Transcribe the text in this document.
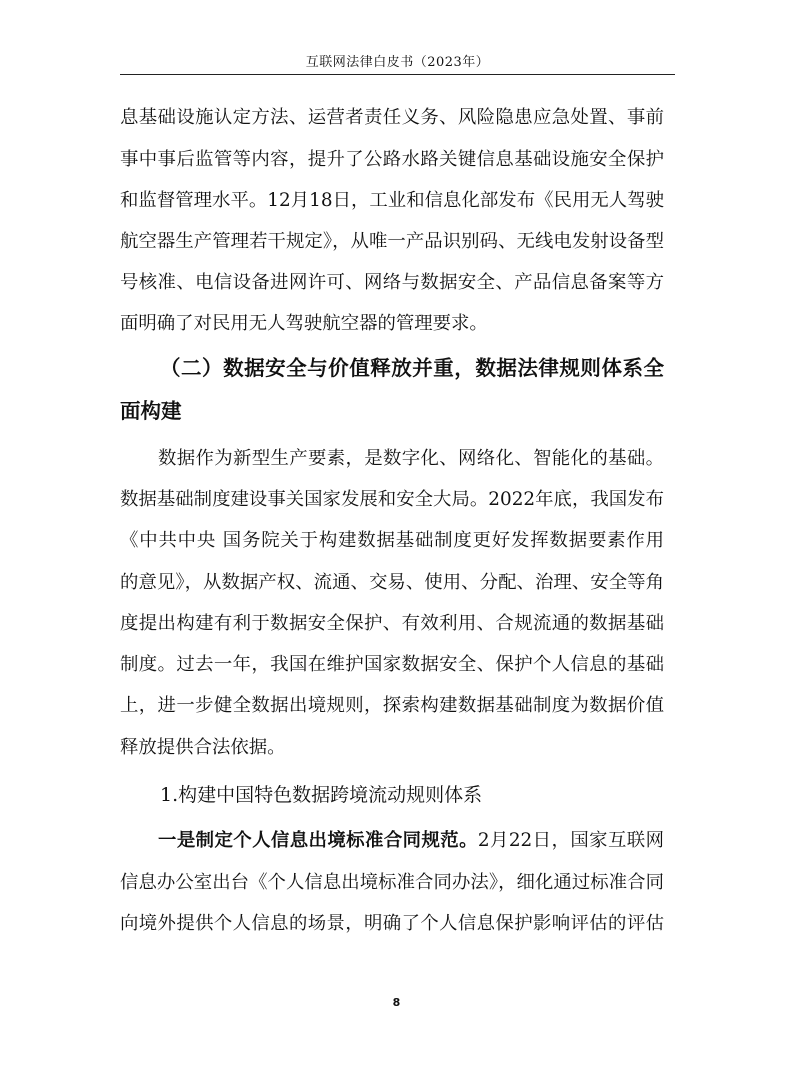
互联网法律白皮书（2023年）
息基础设施认定方法、运营者责任义务、风险隐患应急处置、事前
事中事后监管等内容，提升了公路水路关键信息基础设施安全保护
和监督管理水平。12月18日，工业和信息化部发布《民用无人驾驶
航空器生产管理若干规定》，从唯一产品识别码、无线电发射设备型
号核准、电信设备进网许可、网络与数据安全、产品信息备案等方
面明确了对民用无人驾驶航空器的管理要求。
（二）数据安全与价值释放并重，数据法律规则体系全
面构建
数据作为新型生产要素，是数字化、网络化、智能化的基础。
数据基础制度建设事关国家发展和安全大局。2022年底，我国发布
《中共中央 国务院关于构建数据基础制度更好发挥数据要素作用
的意见》，从数据产权、流通、交易、使用、分配、治理、安全等角
度提出构建有利于数据安全保护、有效利用、合规流通的数据基础
制度。过去一年，我国在维护国家数据安全、保护个人信息的基础
上，进一步健全数据出境规则，探索构建数据基础制度为数据价值
释放提供合法依据。
1.构建中国特色数据跨境流动规则体系
一是制定个人信息出境标准合同规范。2月22日，国家互联网
信息办公室出台《个人信息出境标准合同办法》，细化通过标准合同
向境外提供个人信息的场景，明确了个人信息保护影响评估的评估
8
